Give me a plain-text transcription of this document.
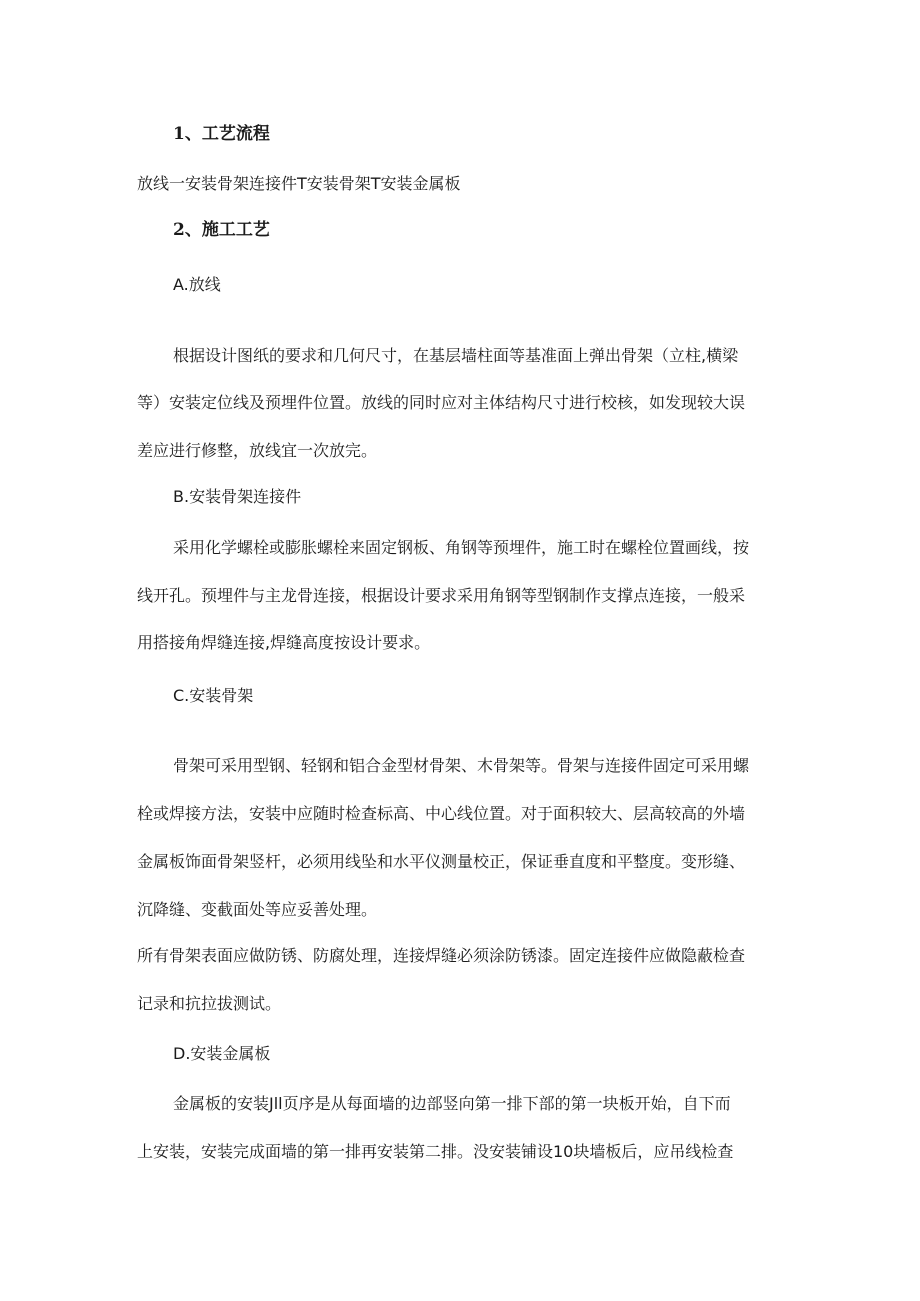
1、工艺流程
放线一安装骨架连接件T安装骨架T安装金属板
2、施工工艺
A.放线
根据设计图纸的要求和几何尺寸，在基层墙柱面等基准面上弹出骨架（立柱,横梁
等）安装定位线及预埋件位置。放线的同时应对主体结构尺寸进行校核，如发现较大误
差应进行修整，放线宜一次放完。
B.安装骨架连接件
采用化学螺栓或膨胀螺栓来固定钢板、角钢等预埋件，施工时在螺栓位置画线，按
线开孔。预埋件与主龙骨连接，根据设计要求采用角钢等型钢制作支撑点连接，一般采
用搭接角焊缝连接,焊缝高度按设计要求。
C.安装骨架
骨架可采用型钢、轻钢和铝合金型材骨架、木骨架等。骨架与连接件固定可采用螺
栓或焊接方法，安装中应随时检查标高、中心线位置。对于面积较大、层高较高的外墙
金属板饰面骨架竖杆，必须用线坠和水平仪测量校正，保证垂直度和平整度。变形缝、
沉降缝、变截面处等应妥善处理。
所有骨架表面应做防锈、防腐处理，连接焊缝必须涂防锈漆。固定连接件应做隐蔽检查
记录和抗拉拔测试。
D.安装金属板
金属板的安装Jll页序是从每面墙的边部竖向第一排下部的第一块板开始，自下而
上安装，安装完成面墙的第一排再安装第二排。没安装铺设10块墙板后，应吊线检查
